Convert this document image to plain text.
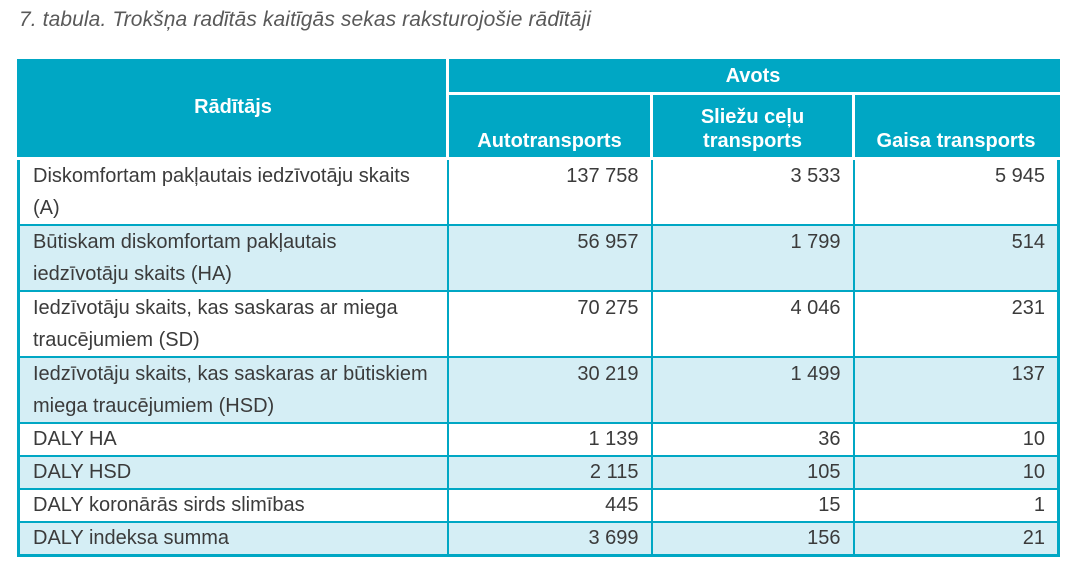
7. tabula. Trokšņa radītās kaitīgās sekas raksturojošie rādītāji
Rādītājs	Avots		
	Autotransports	Sliežu ceļu transports	Gaisa transports
Diskomfortam pakļautais iedzīvotāju skaits (A)	137 758	3 533	5 945
Būtiskam diskomfortam pakļautais iedzīvotāju skaits (HA)	56 957	1 799	514
Iedzīvotāju skaits, kas saskaras ar miega traucējumiem (SD)	70 275	4 046	231
Iedzīvotāju skaits, kas saskaras ar būtiskiem miega traucējumiem (HSD)	30 219	1 499	137
DALY HA	1 139	36	10
DALY HSD	2 115	105	10
DALY koronārās sirds slimības	445	15	1
DALY indeksa summa	3 699	156	21
